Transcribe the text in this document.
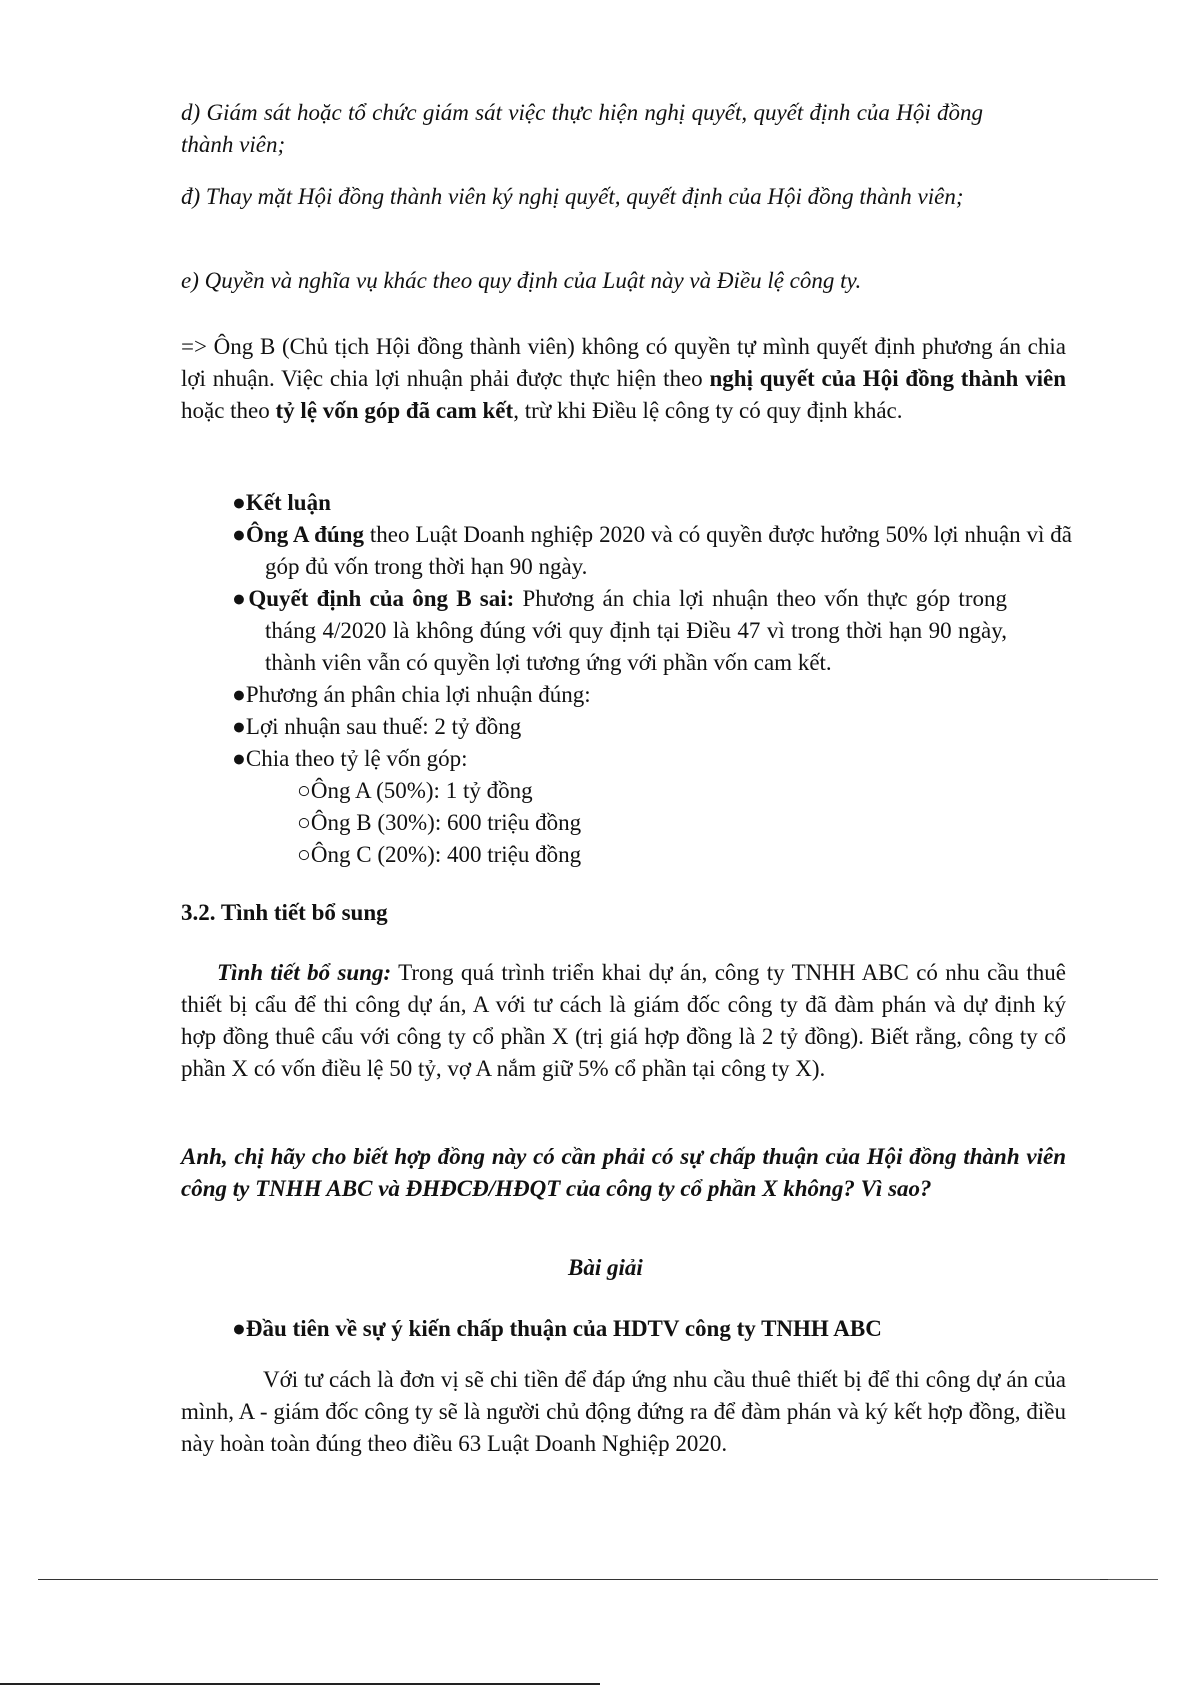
d) Giám sát hoặc tổ chức giám sát việc thực hiện nghị quyết, quyết định của Hội đồng thành viên;

đ) Thay mặt Hội đồng thành viên ký nghị quyết, quyết định của Hội đồng thành viên;

e) Quyền và nghĩa vụ khác theo quy định của Luật này và Điều lệ công ty.

=> Ông B (Chủ tịch Hội đồng thành viên) không có quyền tự mình quyết định phương án chia lợi nhuận. Việc chia lợi nhuận phải được thực hiện theo nghị quyết của Hội đồng thành viên hoặc theo tỷ lệ vốn góp đã cam kết, trừ khi Điều lệ công ty có quy định khác.

●Kết luận
●Ông A đúng theo Luật Doanh nghiệp 2020 và có quyền được hưởng 50% lợi nhuận vì đã góp đủ vốn trong thời hạn 90 ngày.
●Quyết định của ông B sai: Phương án chia lợi nhuận theo vốn thực góp trong tháng 4/2020 là không đúng với quy định tại Điều 47 vì trong thời hạn 90 ngày, thành viên vẫn có quyền lợi tương ứng với phần vốn cam kết.
●Phương án phân chia lợi nhuận đúng:
●Lợi nhuận sau thuế: 2 tỷ đồng
●Chia theo tỷ lệ vốn góp:
○Ông A (50%): 1 tỷ đồng
○Ông B (30%): 600 triệu đồng
○Ông C (20%): 400 triệu đồng

3.2. Tình tiết bổ sung

Tình tiết bổ sung: Trong quá trình triển khai dự án, công ty TNHH ABC có nhu cầu thuê thiết bị cẩu để thi công dự án, A với tư cách là giám đốc công ty đã đàm phán và dự định ký hợp đồng thuê cẩu với công ty cổ phần X (trị giá hợp đồng là 2 tỷ đồng). Biết rằng, công ty cổ phần X có vốn điều lệ 50 tỷ, vợ A nắm giữ 5% cổ phần tại công ty X).

Anh, chị hãy cho biết hợp đồng này có cần phải có sự chấp thuận của Hội đồng thành viên công ty TNHH ABC và ĐHĐCĐ/HĐQT của công ty cổ phần X không? Vì sao?

Bài giải

●Đầu tiên về sự ý kiến chấp thuận của HDTV công ty TNHH ABC

Với tư cách là đơn vị sẽ chi tiền để đáp ứng nhu cầu thuê thiết bị để thi công dự án của mình, A - giám đốc công ty sẽ là người chủ động đứng ra để đàm phán và ký kết hợp đồng, điều này hoàn toàn đúng theo điều 63 Luật Doanh Nghiệp 2020.
